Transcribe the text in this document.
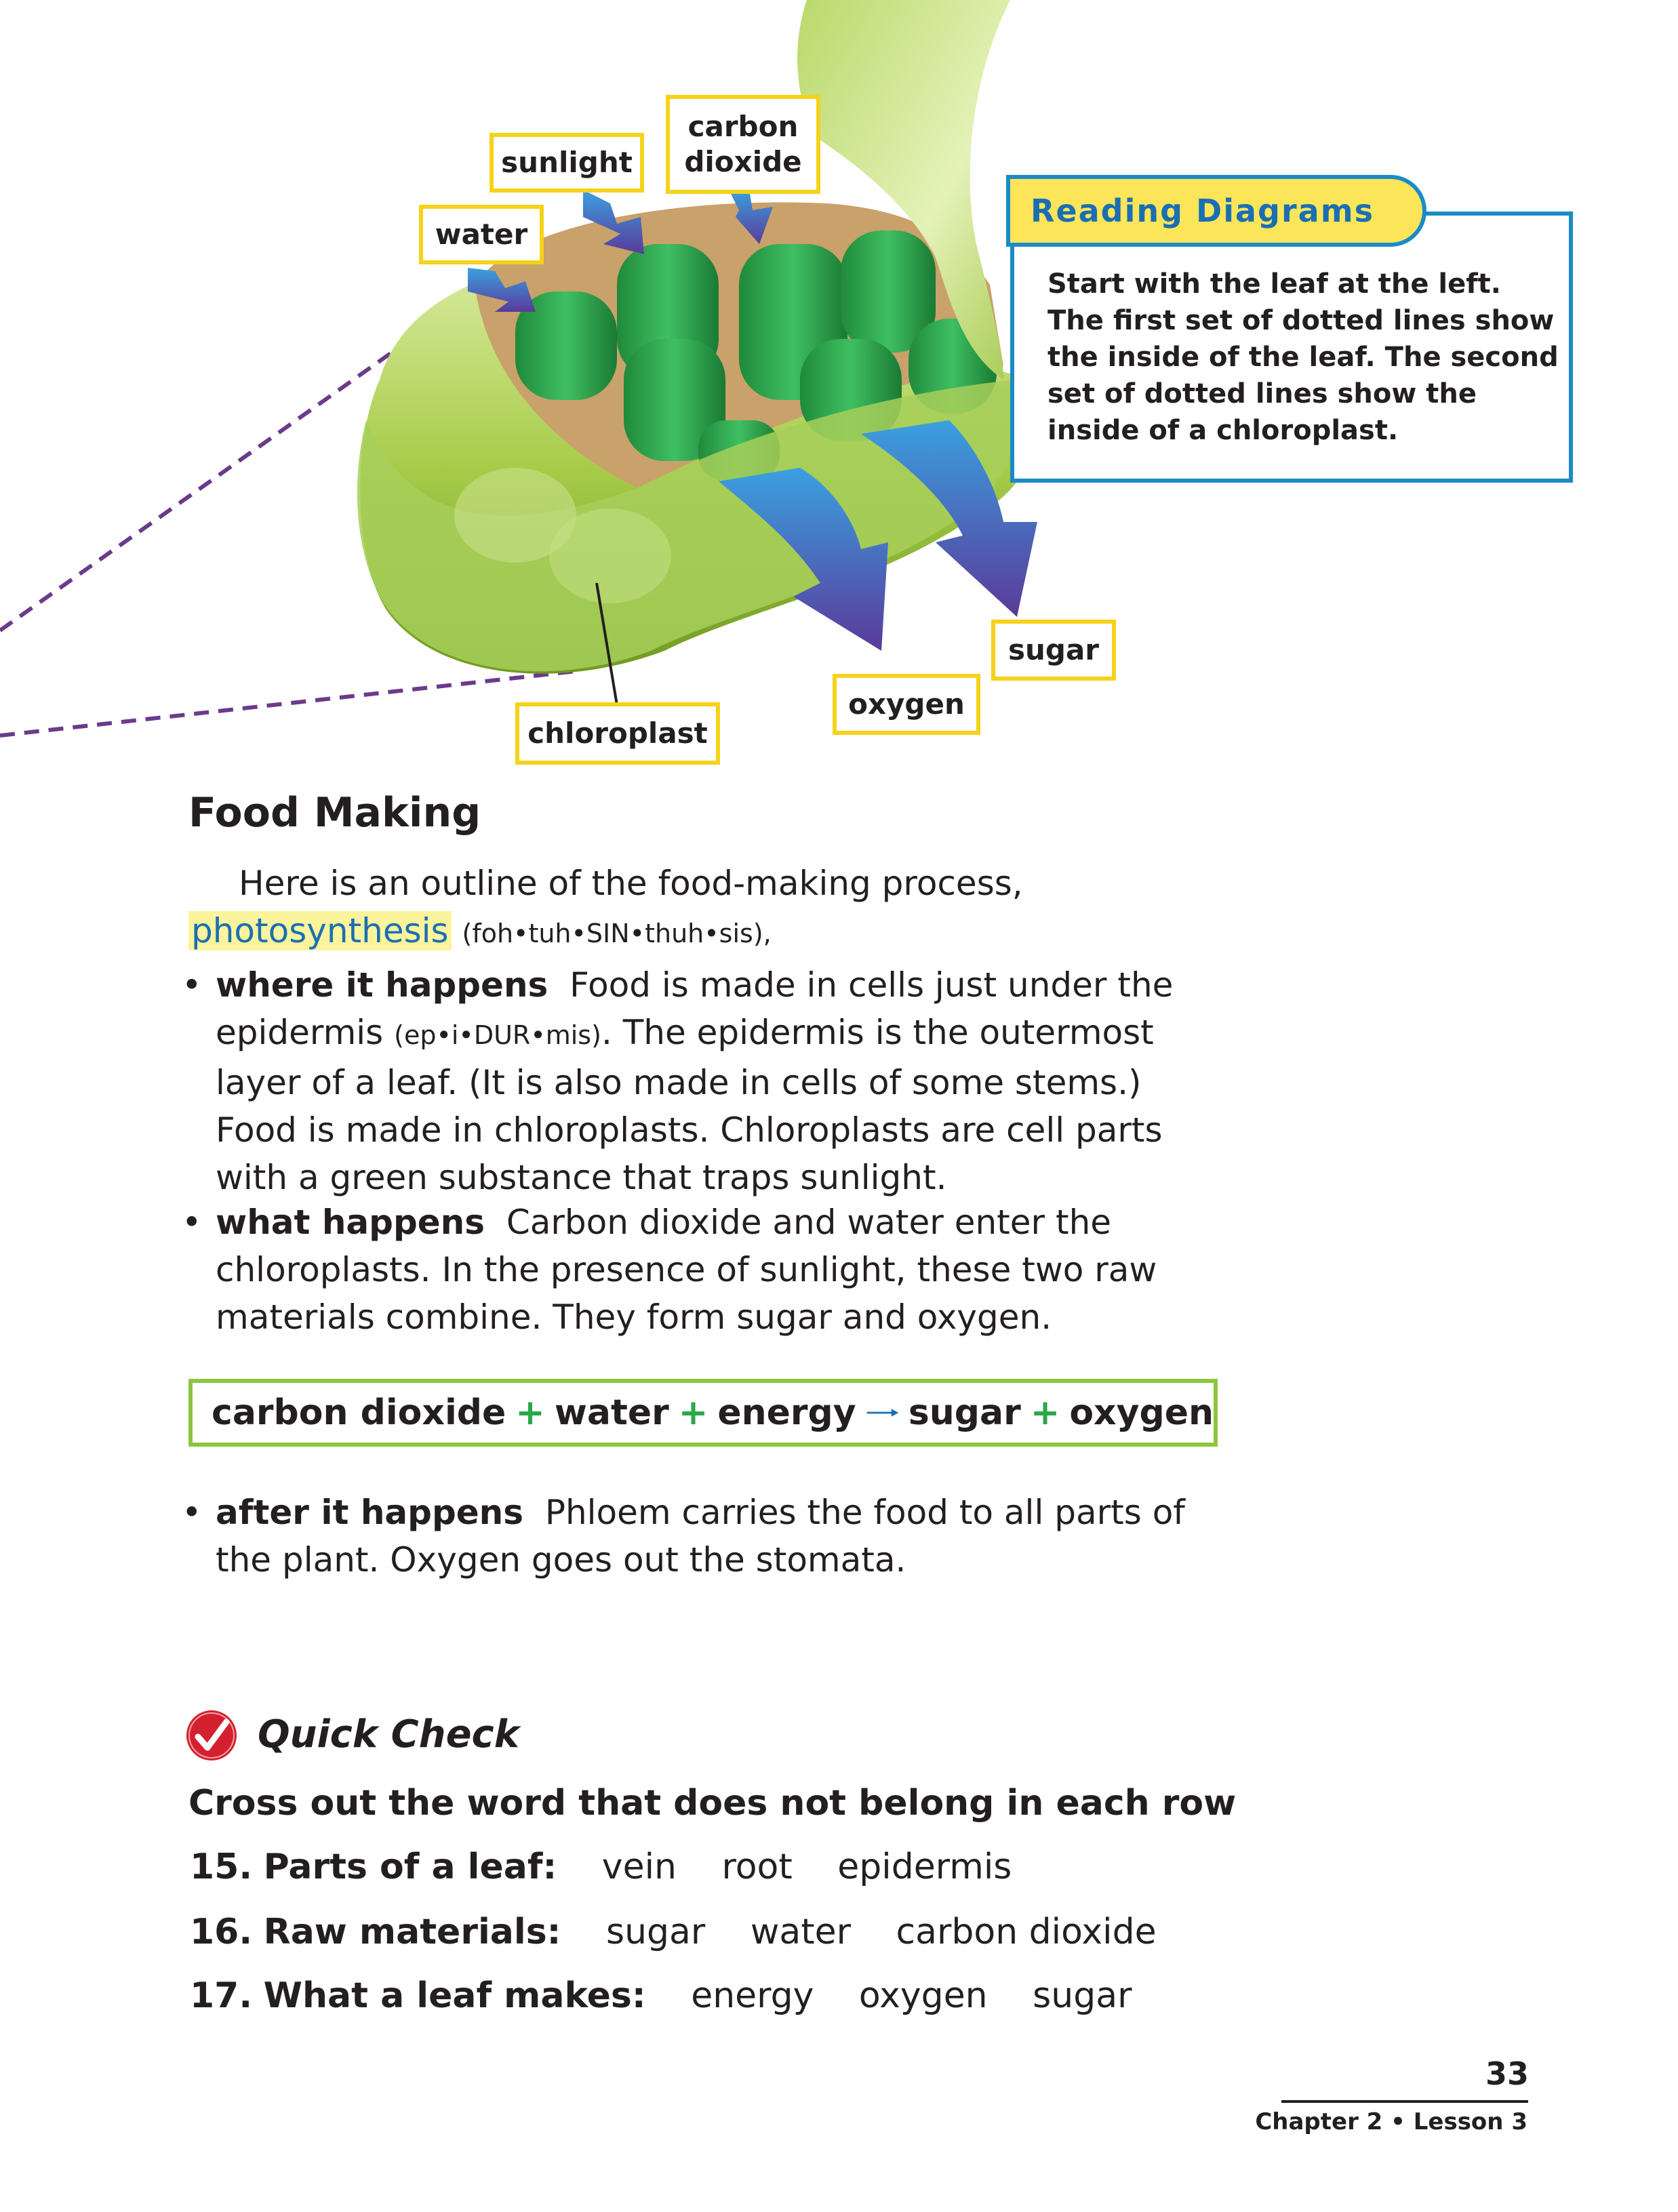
sunlight
carbon
dioxide
water
chloroplast
oxygen
sugar
Reading Diagrams
Start with the leaf at the left. The first set of dotted lines show the inside of the leaf. The second set of dotted lines show the inside of a chloroplast.
Food Making
Here is an outline of the food-making process,
photosynthesis (foh•tuh•SIN•thuh•sis),
• where it happens Food is made in cells just under the
epidermis (ep•i•DUR•mis). The epidermis is the outermost
layer of a leaf. (It is also made in cells of some stems.) Food is made in chloroplasts. Chloroplasts are cell parts with a green substance that traps sunlight.
• what happens Carbon dioxide and water enter the chloroplasts. In the presence of sunlight, these two raw materials combine. They form sugar and oxygen.
carbon dioxide + water + energy sugar + oxygen
• after it happens Phloem carries the food to all parts of the plant. Oxygen goes out the stomata.
Quick Check
Cross out the word that does not belong in each row
15. Parts of a leaf: vein root epidermis
16. Raw materials: sugar water carbon dioxide
17. What a leaf makes: energy oxygen sugar
33
Chapter 2 • Lesson 3
